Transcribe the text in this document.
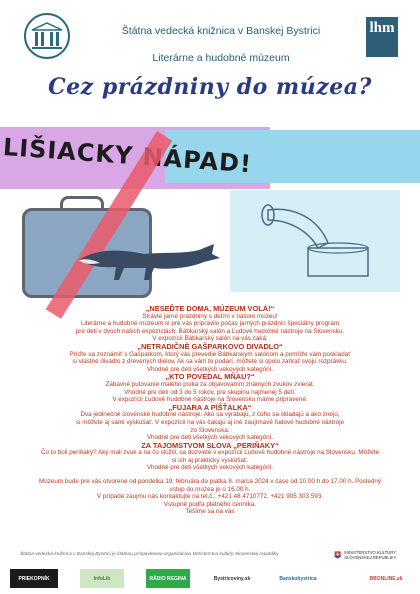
Štátna vedecká knižnica v Banskej Bystrici
Literárne a hudobné múzeum
lhm
Cez prázdniny do múzea?
LIŠIACKY NÁPAD!
„NESEĎTE DOMA, MÚZEUM VOLÁ!“
Strávte jarné prázdniny s deťmi v našom múzeu!
Literárne a hudobné múzeum si pre vás pripravilo počas jarných prázdnin špeciálny program
pre deti v dvoch našich expozíciách: Bábkarský salón a Ľudové hudobné nástroje na Slovensku.
V expozícii Bábkarský salón na vás čaká:
„NETRADIČNÉ GAŠPARKOVO DIVADLO“
Príďte sa zoznámiť s Gašparkom, ktorý vás prevedie Bábkarským salónom a pomôže vám poskladať
si vlastné divadlo z drevených dielov. Ak sa vám to podarí, môžete si spolu zahrať svoju rozprávku.
Vhodné pre deti všetkých vekových kategórií.
„KTO POVEDAL MŇAU?“
Zábavné putovanie malého psíka za objavovaním známych zvukov zvierat.
Vhodné pre deti od 3 do 5 rokov, pre skupinu najmenej 5 detí.
V expozícii Ľudové hudobné nástroje na Slovensku máme pripravené:
„FUJARA A PÍŠŤALKA“
Dva jedinečné slovenské hudobné nástroje. Ako sa vyrábajú, z čoho sa skladajú a ako znejú,
si môžete aj sami vyskúšať. V expozícii na vás čakajú aj iné zaujímavé ľudové hudobné nástroje
zo Slovenska.
Vhodné pre deti všetkých vekových kategórií.
ZA TAJOMSTVOM SLOVA „PERIŇAKY“
Čo to boli periňaky? Aký mali zvuk a na čo slúžili, sa dozviete v expozícii Ľudové hudobné nástroje na Slovensku. Môžete
si ich aj prakticky vyskúšať.
Vhodné pre deti všetkých vekových kategórií.
Múzeum bude pre vás otvorené od pondelka 19. februára do piatka 8. marca 2024 v čase od 10.00 h do 17.00 h. Posledný
vstup do múzea je o 16.00 h.
V prípade záujmu nás kontaktujte na tel.č.: +421 48 4710772, +421 905 303 593.
Vstupné podľa platného cenníka.
Tešíme sa na vás
Štátna vedecká knižnica v Banskej Bystrici je štátnou príspevkovou organizáciou Ministerstva kultúry Slovenskej republiky	MINISTERSTVO KULTÚRY SLOVENSKEJ REPUBLIKY
PRIEKOPNÍK	InfoLib	RÁDIO REGINA	Bystricoviny.sk	Banskobystrica	BBONLINE.sk
